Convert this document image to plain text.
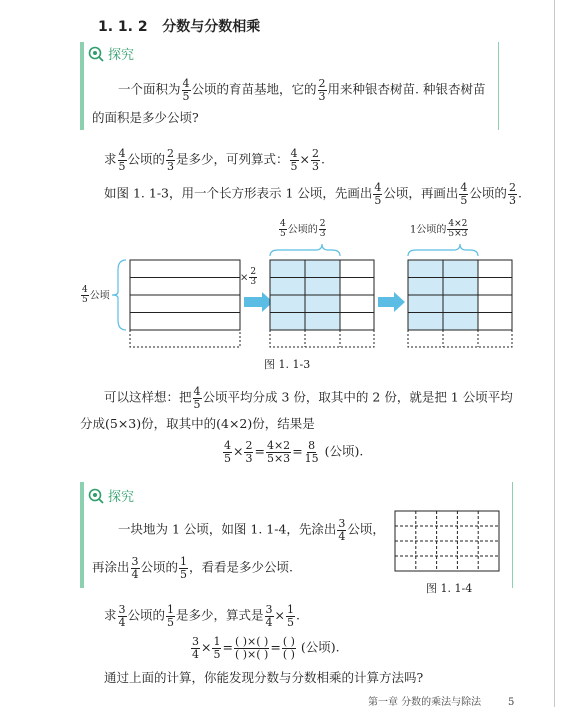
1. 1. 2 分数与分数相乘
探究
一个面积为 $\frac{4}{5}$ 公顷的育苗基地，它的 $\frac{2}{3}$ 用来种银杏树苗. 种银杏树苗
的面积是多少公顷?
求 $\frac{4}{5}$ 公顷的 $\frac{2}{3}$ 是多少，可列算式： $\frac{4}{5} \times \frac{2}{3}$ .
如图 1. 1-3，用一个长方形表示 1 公顷，先画出 $\frac{4}{5}$ 公顷，再画出 $\frac{4}{5}$ 公顷的 $\frac{2}{3}$ .
$\frac{4}{5}$ 公顷
× $\frac{2}{3}$
$\frac{4}{5}$ 公顷的 $\frac{2}{3}$	1公顷的 $\frac{4\times 2}{5\times 3}$
图 1. 1-3
可以这样想：把 $\frac{4}{5}$ 公顷平均分成 3 份，取其中的 2 份，就是把 1 公顷平均
分成(5×3)份，取其中的(4×2)份，结果是
$\frac{4}{5} \times \frac{2}{3} = \frac{4\times 2}{5\times 3} = \frac{8}{15}$ (公顷).
探究
一块地为 1 公顷，如图 1. 1-4，先涂出 $\frac{3}{4}$ 公顷，
再涂出 $\frac{3}{4}$ 公顷的 $\frac{1}{5}$ ，看看是多少公顷.
图 1. 1-4
求 $\frac{3}{4}$ 公顷的 $\frac{1}{5}$ 是多少，算式是 $\frac{3}{4} \times \frac{1}{5}$ .
$\frac{3}{4} \times \frac{1}{5} = \frac{( )\times( )}{( )\times( )} = \frac{( )}{( )}$ (公顷).
通过上面的计算，你能发现分数与分数相乘的计算方法吗?
第一章 分数的乘法与除法	5
